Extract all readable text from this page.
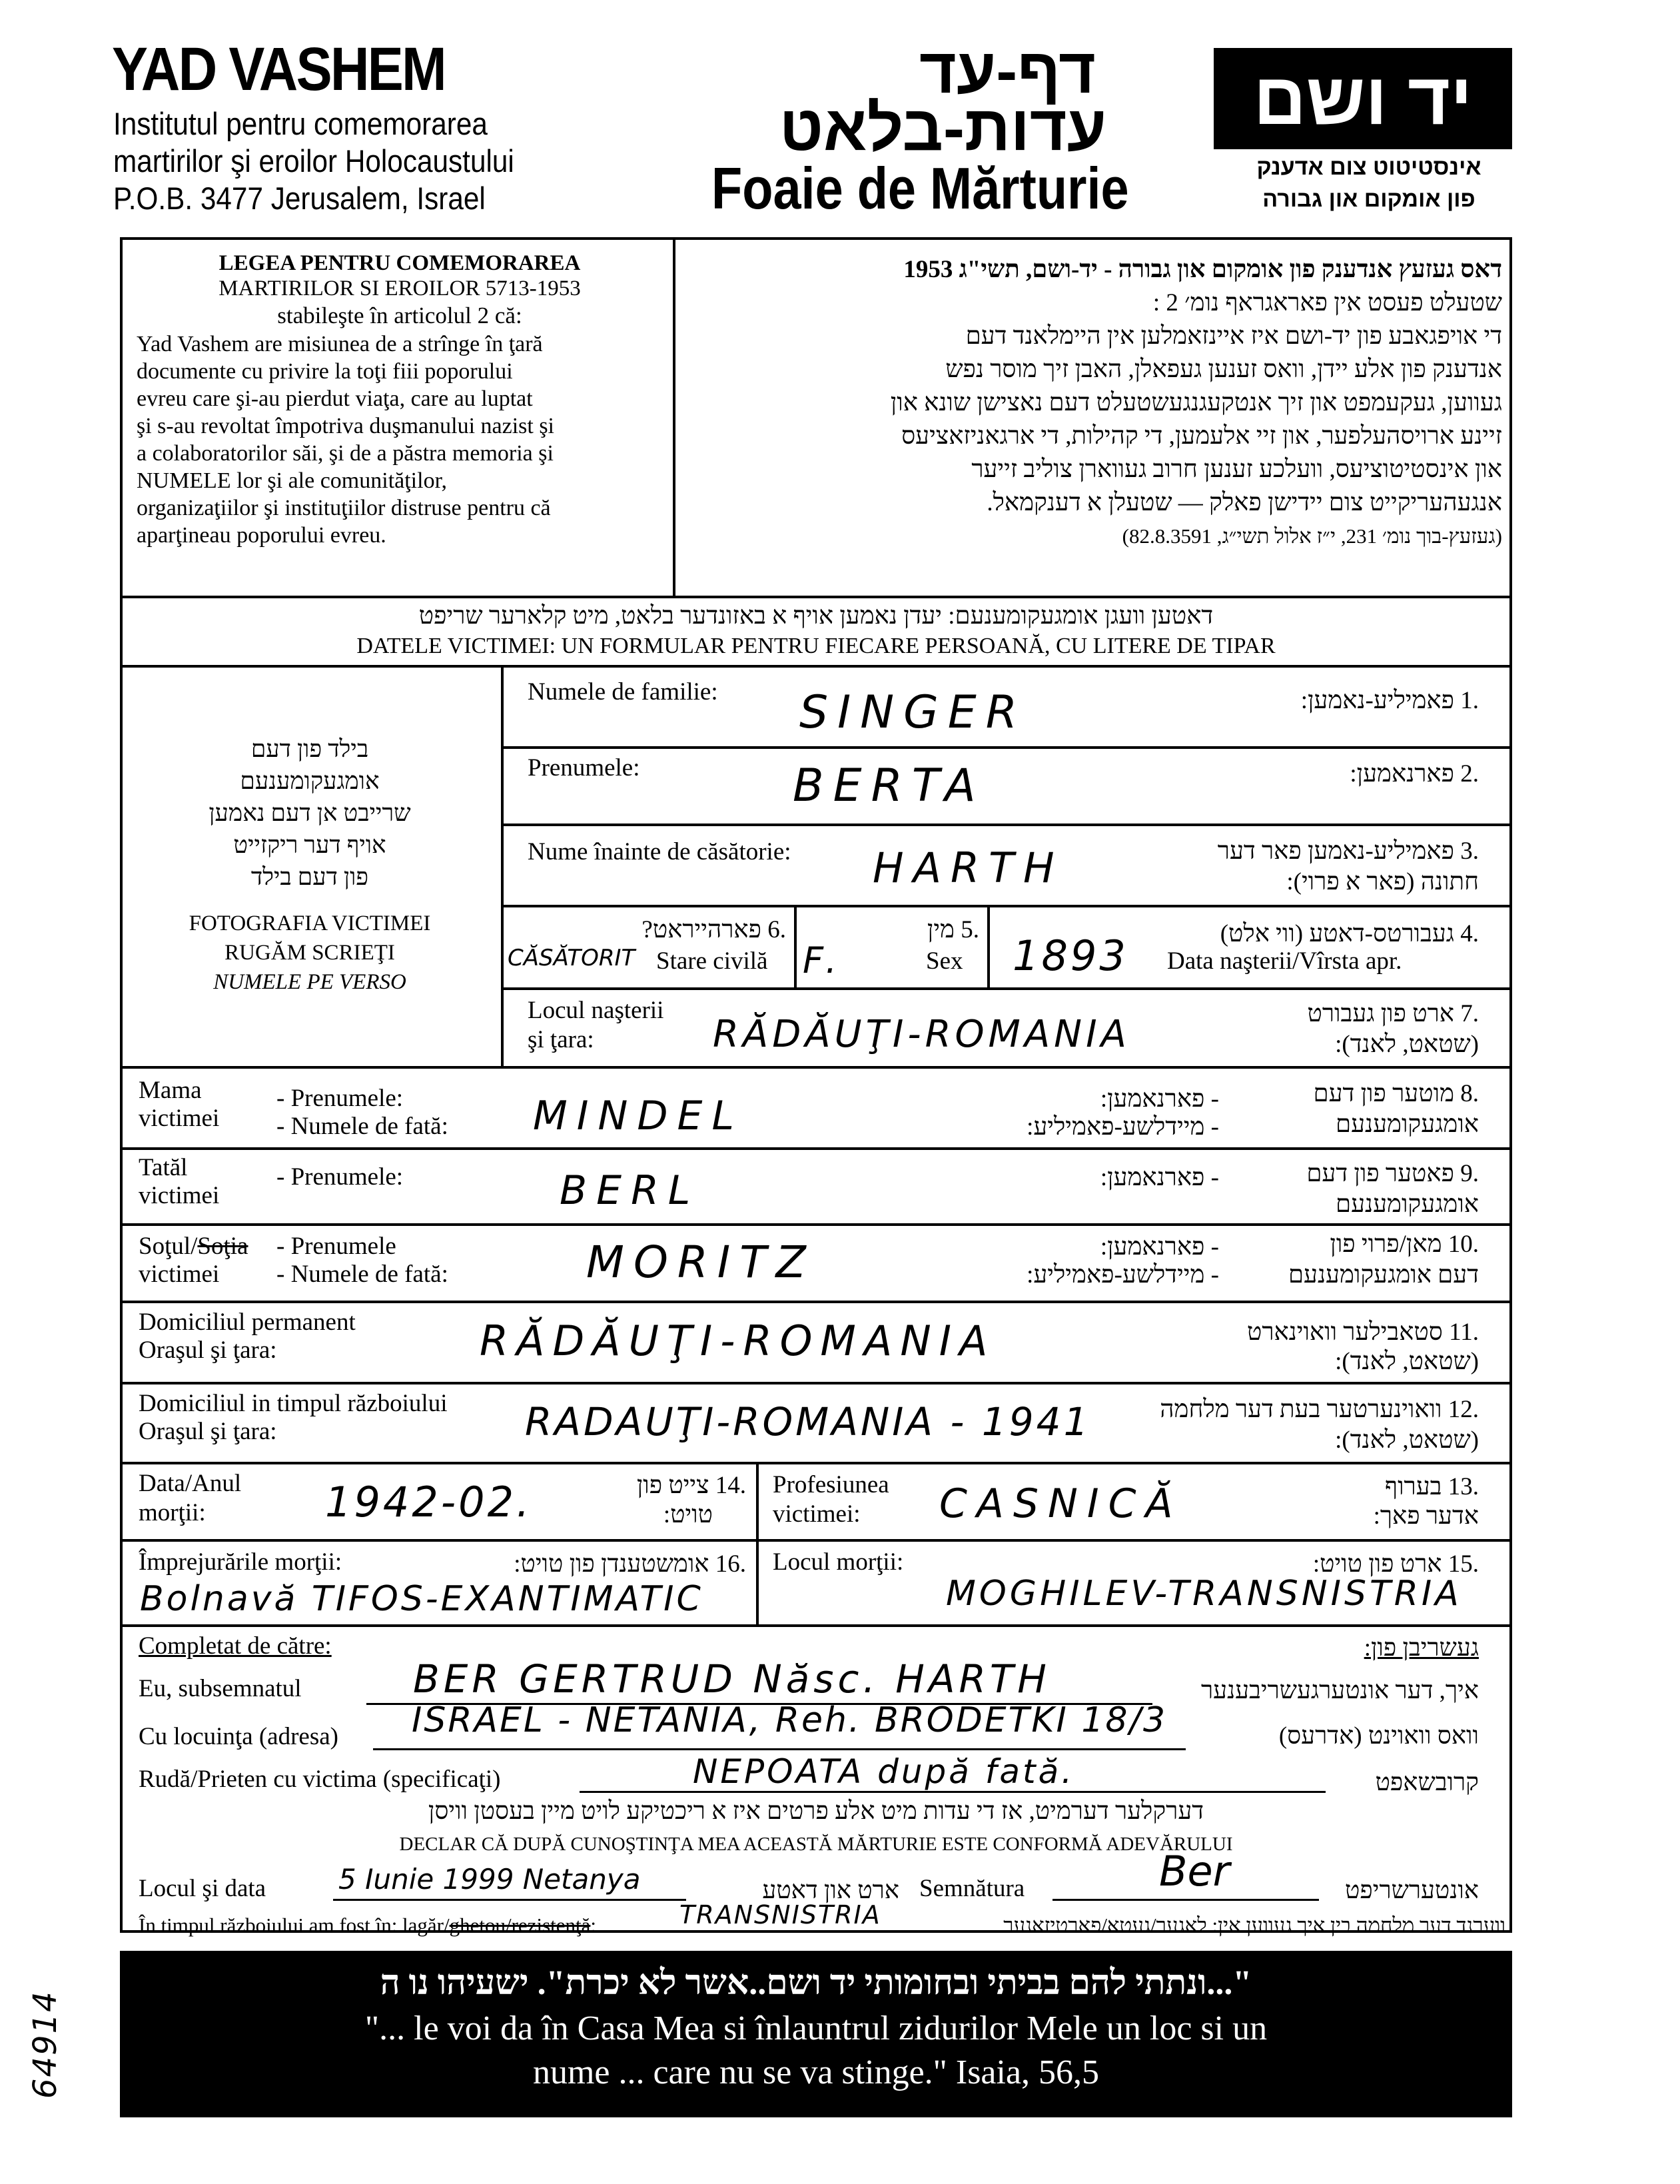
YAD VASHEM
Institutul pentru comemorarea
martirilor şi eroilor Holocaustului
P.O.B. 3477 Jerusalem, Israel
דף-עד
עדות-בלאט
Foaie de Mărturie
יד ושם
אינסטיטוט צום אדענק
פון אומקום און גבורה
LEGEA PENTRU COMEMORAREA
MARTIRILOR SI EROILOR 5713-1953
stabileşte în articolul 2 că:
Yad Vashem are misiunea de a strînge în ţară
documente cu privire la toţi fiii poporului
evreu care şi-au pierdut viaţa, care au luptat
şi s-au revoltat împotriva duşmanului nazist şi
a colaboratorilor săi, şi de a păstra memoria şi
NUMELE lor şi ale comunităţilor,
organizaţiilor şi instituţiilor distruse pentru că
aparţineau poporului evreu.
דאס געזעץ אנדענק פון אומקום און גבורה - יד-ושם, תשי"ג 1953
שטעלט פעסט אין פאראגראף נומ׳ 2 :
די אויפגאבע פון יד-ושם איז איינזאמלען אין היימלאנד דעם
אנדענק פון אלע יידן, וואס זענען געפאלן, האבן זיך מוסר נפש
געווען, געקעמפט און זיך אנטקעגנגעשטעלט דעם נאצישן שונא און
זיינע ארויסהעלפער, און זיי אלעמען, די קהילות, די ארגאניזאציעס
און אינסטיטוציעס, וועלכע זענען חרוב געווארן צוליב זייער
אנגעהעריקייט צום יידישן פאלק — שטעלן א דענקמאל.
(געזעץ-בוך נומ׳ 231, י״ז אלול תשי״ג, 82.8.3591)
דאטען וועגן אומגעקומענעם: יעדן נאמען אויף א באזונדער בלאט, מיט קלארער שריפט
DATELE VICTIMEI: UN FORMULAR PENTRU FIECARE PERSOANĂ, CU LITERE DE TIPAR
בילד פון דעם
אומגעקומענעם
שרייבט אן דעם נאמען
אויף דער ריקזייט
פון דעם בילד
FOTOGRAFIA VICTIMEI
RUGĂM SCRIEŢI
NUMELE PE VERSO
Numele de familie:	.1 פאמיליע-נאמען:
SINGER
Prenumele:	.2 פארנאמען:
BERTA
Nume înainte de căsătorie:	.3 פאמיליע-נאמען פאר דער
חתונה (פאר א פרוי):
HARTH
.6 פארהייראט?
Stare civilă
CĂSĂTORIT
.5 מין
Sex
F.
.4 געבורטס-דאטע (ווי אלט)
Data naşterii/Vîrsta apr.
1893
Locul naşterii
şi ţara:
.7 ארט פון געבורט
(שטאט, לאנד):
RĂDĂUŢI-ROMANIA
Mama
victimei
- Prenumele:
- Numele de fată:
- פארנאמען:
- מיידלשע-פאמיליע:
.8 מוטער פון דעם
אומגעקומענעם
MINDEL
Tatăl
victimei
- Prenumele:	- פארנאמען:	.9 פאטער פון דעם
אומגעקומענעם
BERL
Soţul/Soţia
victimei
- Prenumele
- Numele de fată:
- פארנאמען:
- מיידלשע-פאמיליע:
.10 מאן/פרוי פון
דעם אומגעקומענעם
MORITZ
Domiciliul permanent
Oraşul şi ţara:
.11 סטאבילער וואוינארט
(שטאט, לאנד):
RĂDĂUŢI-ROMANIA
Domiciliul in timpul războiului
Oraşul şi ţara:
.12 וואוינערטער בעת דער מלחמה
(שטאט, לאנד):
RADAUŢI-ROMANIA - 1941
Data/Anul
morţii:
.14 צייט פון
טויט:
1942-02.	Profesiunea
victimei:
.13 בערוף
אדער פאך:
CASNICĂ
Împrejurările morţii:	.16 אומשטענדן פון טויט:
Bolnavă TIFOS-EXANTIMATIC
Locul morţii:	.15 ארט פון טויט:
MOGHILEV-TRANSNISTRIA
Completat de către:	געשריבן פון:
Eu, subsemnatul	BER GERTRUD Născ. HARTH	איך, דער אונטערגעשריבענער
Cu locuinţa (adresa) ISRAEL - NETANIA, Reh. BRODETKI 18/3	וואס וואוינט (אדרעס)
Rudă/Prieten cu victima (specificaţi)	NEPOATA după fată.	קרובשאפט
דערקלער דערמיט, אז די עדות מיט אלע פרטים איז א ריכטיקע לויט מיין בעסטן וויסן
DECLAR CĂ DUPĂ CUNOŞTINŢA MEA ACEASTĂ MĂRTURIE ESTE CONFORMĂ ADEVĂRULUI
Locul şi data	5 Iunie 1999 Netanya	ארט און דאטע Semnătura	Ber	אונטערשריפט
În timpul războiului am fost în: lagăr/ghetou/rezistenţă:	TRANSNISTRIA	ווערנד דער מלחמה בין איך געווען אין: לאגער/געטא/פארטיזאנער
"...ונתתי להם בביתי ובחומותי יד ושם..אשר לא יכרת". ישעיהו נו ה
"... le voi da în Casa Mea si înlauntrul zidurilor Mele un loc si un
nume ... care nu se va stinge." Isaia, 56,5
64914
